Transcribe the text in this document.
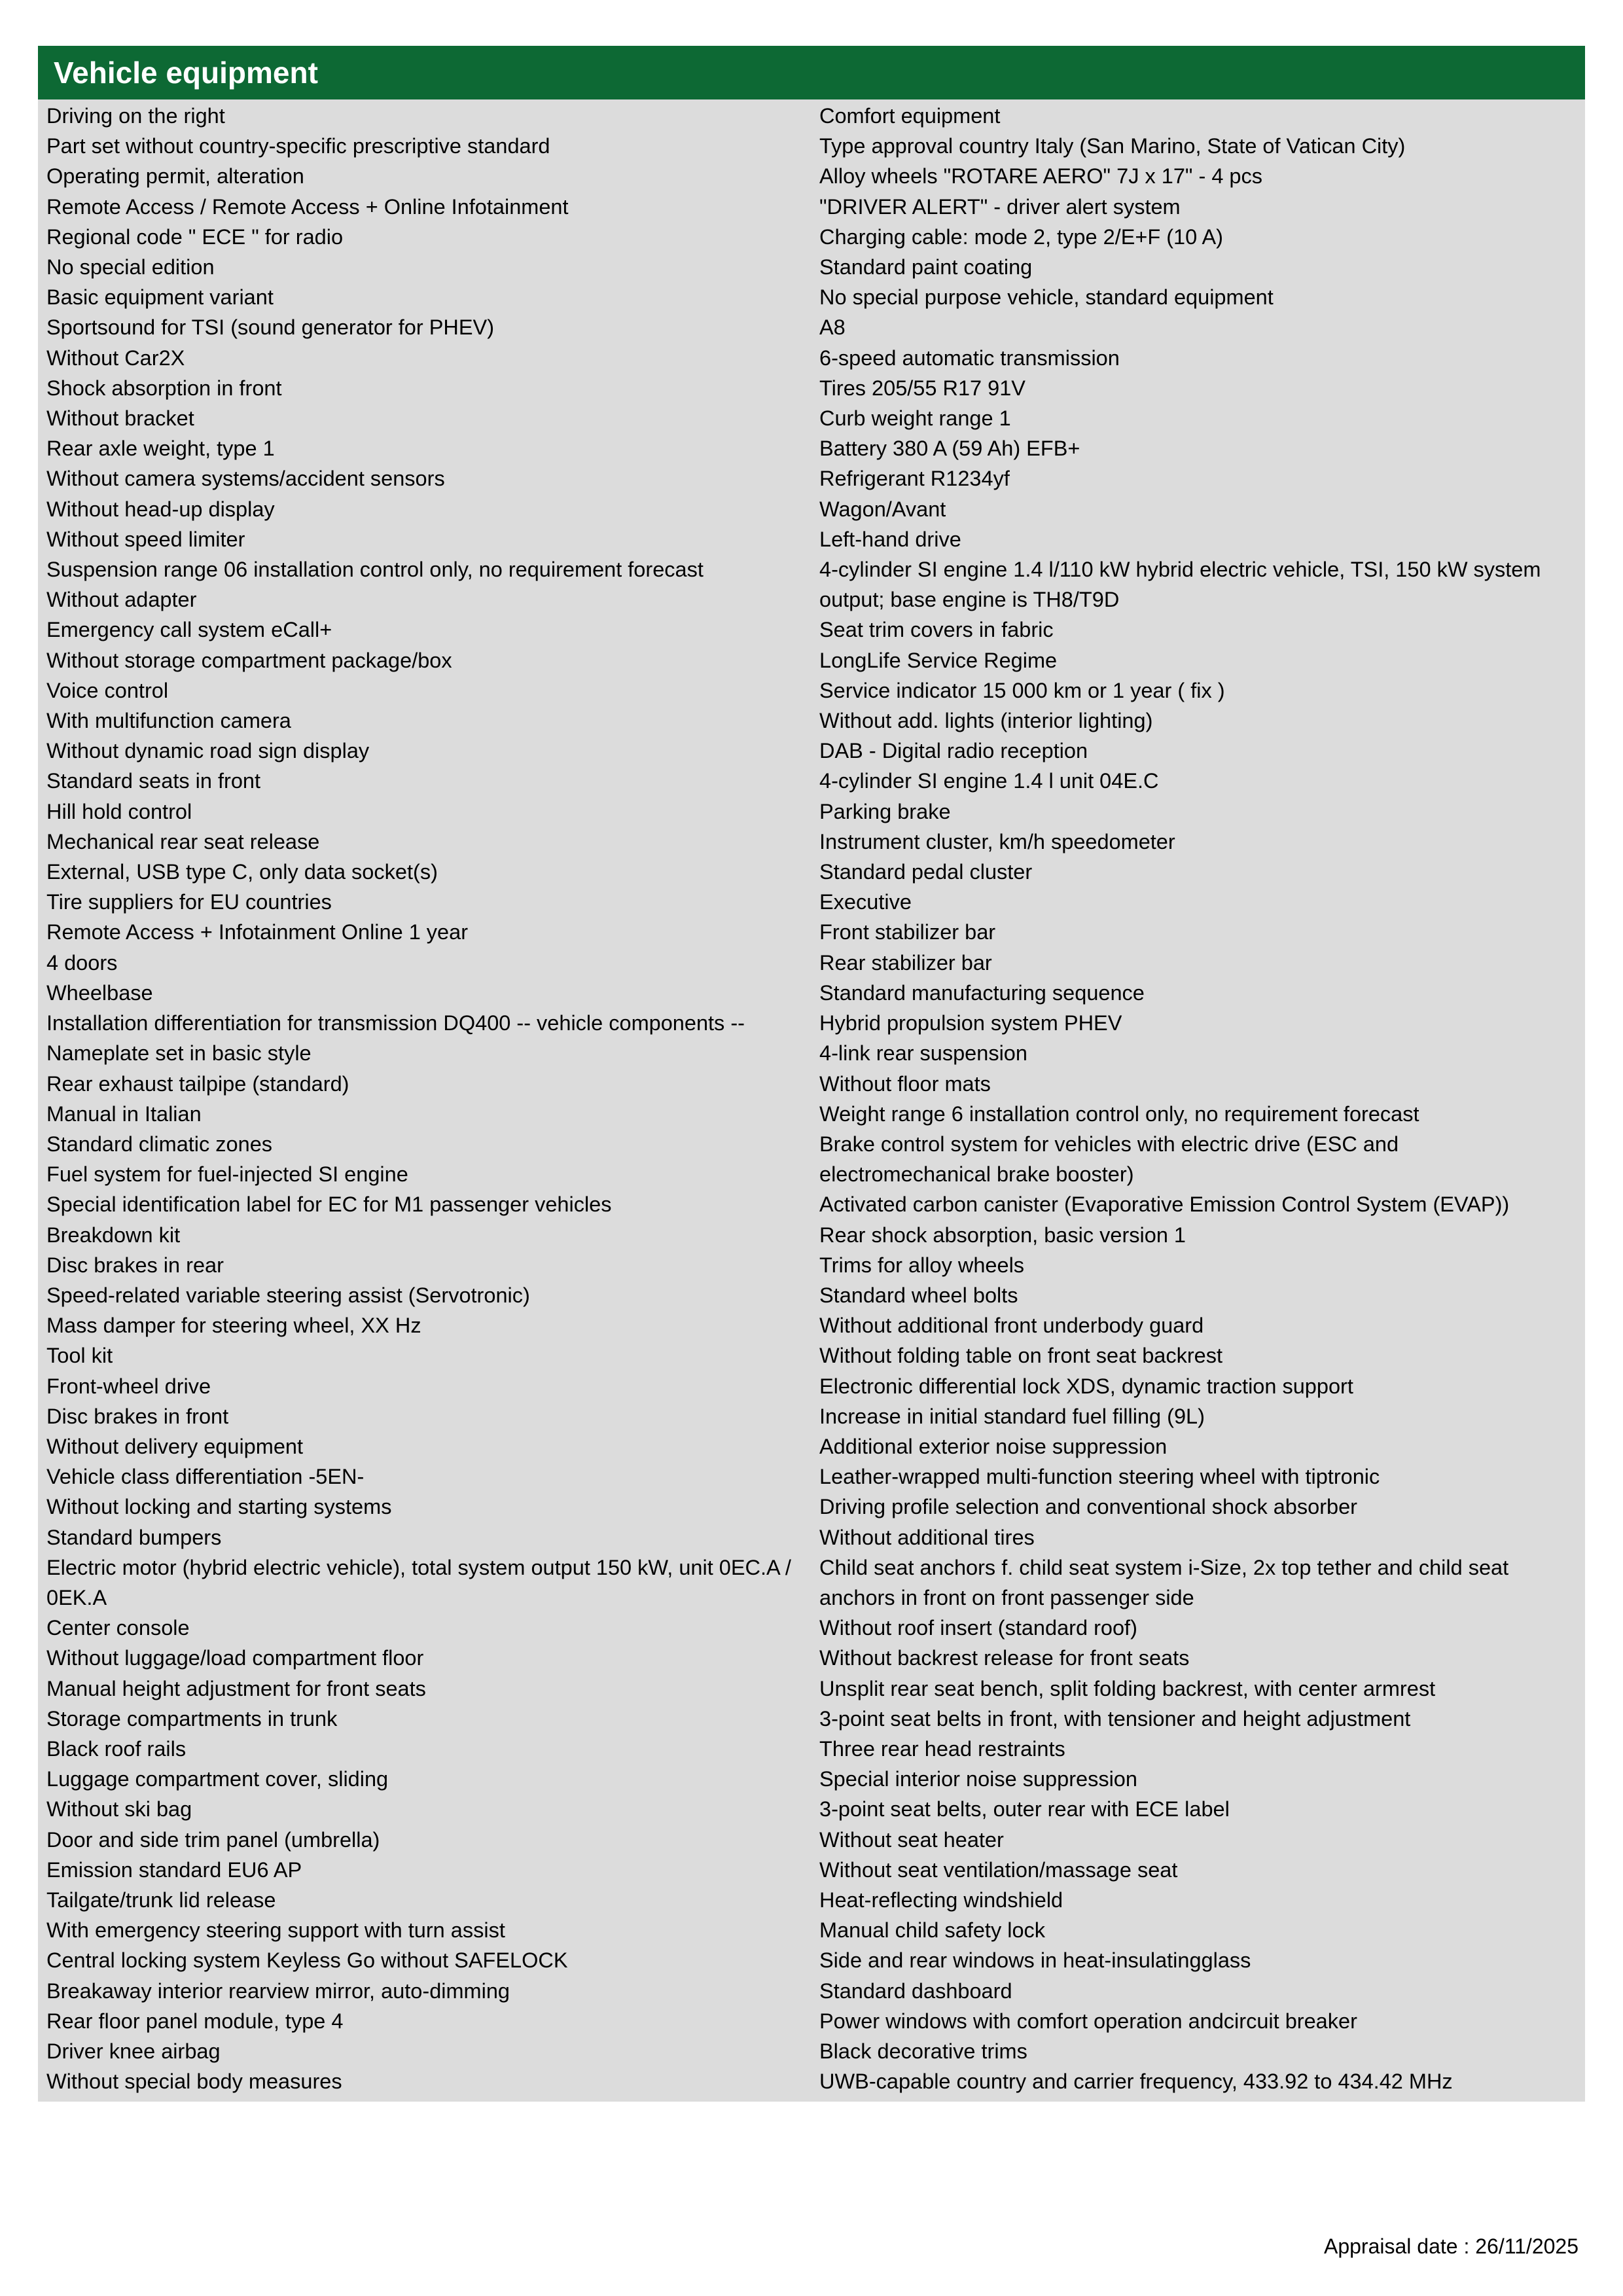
Vehicle equipment
Driving on the right
Part set without country-specific prescriptive standard
Operating permit, alteration
Remote Access / Remote Access + Online Infotainment
Regional code " ECE " for radio
No special edition
Basic equipment variant
Sportsound for TSI (sound generator for PHEV)
Without Car2X
Shock absorption in front
Without bracket
Rear axle weight, type 1
Without camera systems/accident sensors
Without head-up display
Without speed limiter
Suspension range 06 installation control only, no requirement forecast
Without adapter
Emergency call system eCall+
Without storage compartment package/box
Voice control
With multifunction camera
Without dynamic road sign display
Standard seats in front
Hill hold control
Mechanical rear seat release
External, USB type C, only data socket(s)
Tire suppliers for EU countries
Remote Access + Infotainment Online 1 year
4 doors
Wheelbase
Installation differentiation for transmission DQ400 -- vehicle components --
Nameplate set in basic style
Rear exhaust tailpipe (standard)
Manual in Italian
Standard climatic zones
Fuel system for fuel-injected SI engine
Special identification label for EC for M1 passenger vehicles
Breakdown kit
Disc brakes in rear
Speed-related variable steering assist (Servotronic)
Mass damper for steering wheel, XX Hz
Tool kit
Front-wheel drive
Disc brakes in front
Without delivery equipment
Vehicle class differentiation -5EN-
Without locking and starting systems
Standard bumpers
Electric motor (hybrid electric vehicle), total system output 150 kW, unit 0EC.A / 0EK.A
Center console
Without luggage/load compartment floor
Manual height adjustment for front seats
Storage compartments in trunk
Black roof rails
Luggage compartment cover, sliding
Without ski bag
Door and side trim panel (umbrella)
Emission standard EU6 AP
Tailgate/trunk lid release
With emergency steering support with turn assist
Central locking system Keyless Go without SAFELOCK
Breakaway interior rearview mirror, auto-dimming
Rear floor panel module, type 4
Driver knee airbag
Without special body measures
Comfort equipment
Type approval country Italy (San Marino, State of Vatican City)
Alloy wheels "ROTARE AERO" 7J x 17" - 4 pcs
"DRIVER ALERT" - driver alert system
Charging cable: mode 2, type 2/E+F (10 A)
Standard paint coating
No special purpose vehicle, standard equipment
A8
6-speed automatic transmission
Tires 205/55 R17 91V
Curb weight range 1
Battery 380 A (59 Ah) EFB+
Refrigerant R1234yf
Wagon/Avant
Left-hand drive
4-cylinder SI engine 1.4 l/110 kW hybrid electric vehicle, TSI, 150 kW system output; base engine is TH8/T9D
Seat trim covers in fabric
LongLife Service Regime
Service indicator 15 000 km or 1 year ( fix )
Without add. lights (interior lighting)
DAB - Digital radio reception
4-cylinder SI engine 1.4 l unit 04E.C
Parking brake
Instrument cluster, km/h speedometer
Standard pedal cluster
Executive
Front stabilizer bar
Rear stabilizer bar
Standard manufacturing sequence
Hybrid propulsion system PHEV
4-link rear suspension
Without floor mats
Weight range 6 installation control only, no requirement forecast
Brake control system for vehicles with electric drive (ESC and electromechanical brake booster)
Activated carbon canister (Evaporative Emission Control System (EVAP))
Rear shock absorption, basic version 1
Trims for alloy wheels
Standard wheel bolts
Without additional front underbody guard
Without folding table on front seat backrest
Electronic differential lock XDS, dynamic traction support
Increase in initial standard fuel filling (9L)
Additional exterior noise suppression
Leather-wrapped multi-function steering wheel with tiptronic
Driving profile selection and conventional shock absorber
Without additional tires
Child seat anchors f. child seat system i-Size, 2x top tether and child seat anchors in front on front passenger side
Without roof insert (standard roof)
Without backrest release for front seats
Unsplit rear seat bench, split folding backrest, with center armrest
3-point seat belts in front, with tensioner and height adjustment
Three rear head restraints
Special interior noise suppression
3-point seat belts, outer rear with ECE label
Without seat heater
Without seat ventilation/massage seat
Heat-reflecting windshield
Manual child safety lock
Side and rear windows in heat-insulatingglass
Standard dashboard
Power windows with comfort operation andcircuit breaker
Black decorative trims
UWB-capable country and carrier frequency, 433.92 to 434.42 MHz
Appraisal date : 26/11/2025
